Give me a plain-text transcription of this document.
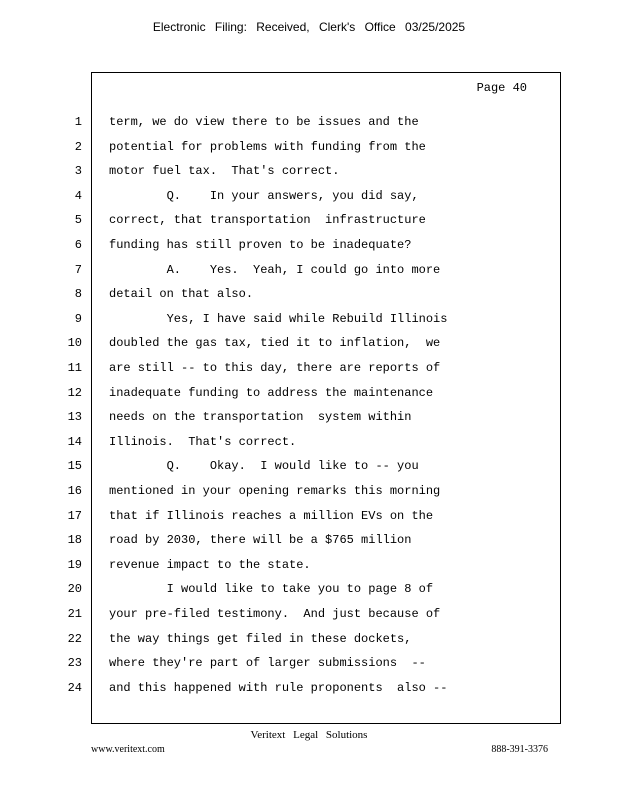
Electronic Filing: Received, Clerk's Office 03/25/2025
Page 40
1 term, we do view there to be issues and the
2 potential for problems with funding from the
3 motor fuel tax.  That's correct.
4 Q.    In your answers, you did say,
5 correct, that transportation  infrastructure
6 funding has still proven to be inadequate?
7 A.    Yes.  Yeah, I could go into more
8 detail on that also.
9 Yes, I have said while Rebuild Illinois
10 doubled the gas tax, tied it to inflation,  we
11 are still -- to this day, there are reports of
12 inadequate funding to address the maintenance
13 needs on the transportation  system within
14 Illinois.  That's correct.
15 Q.    Okay.  I would like to -- you
16 mentioned in your opening remarks this morning
17 that if Illinois reaches a million EVs on the
18 road by 2030, there will be a $765 million
19 revenue impact to the state.
20 I would like to take you to page 8 of
21 your pre-filed testimony.  And just because of
22 the way things get filed in these dockets,
23 where they're part of larger submissions  --
24 and this happened with rule proponents  also --
Veritext Legal Solutions
www.veritext.com	888-391-3376
